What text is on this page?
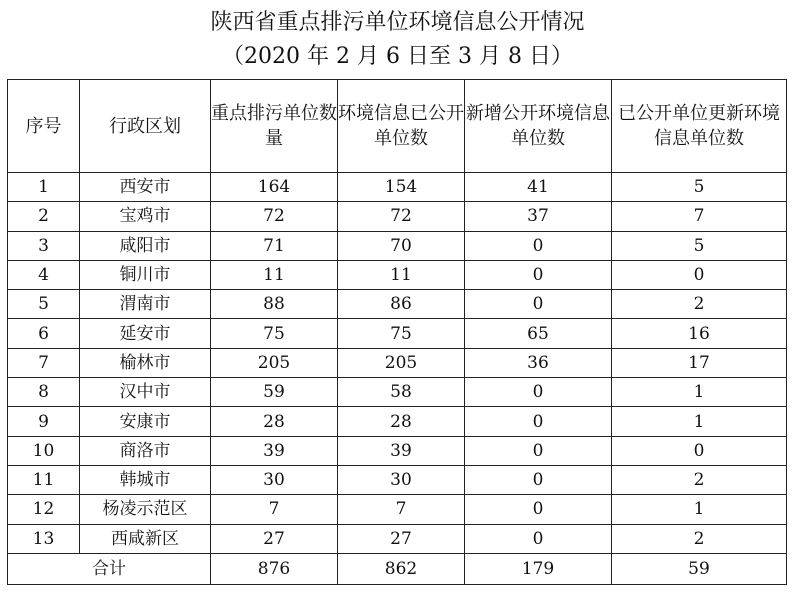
陕西省重点排污单位环境信息公开情况
（2020 年 2 月 6 日至 3 月 8 日）
序号	行政区划	重点排污单位数量	环境信息已公开单位数	新增公开环境信息单位数	已公开单位更新环境信息单位数
1	西安市	164	154	41	5
2	宝鸡市	72	72	37	7
3	咸阳市	71	70	0	5
4	铜川市	11	11	0	0
5	渭南市	88	86	0	2
6	延安市	75	75	65	16
7	榆林市	205	205	36	17
8	汉中市	59	58	0	1
9	安康市	28	28	0	1
10	商洛市	39	39	0	0
11	韩城市	30	30	0	2
12	杨凌示范区	7	7	0	1
13	西咸新区	27	27	0	2
合计		876	862	179	59
